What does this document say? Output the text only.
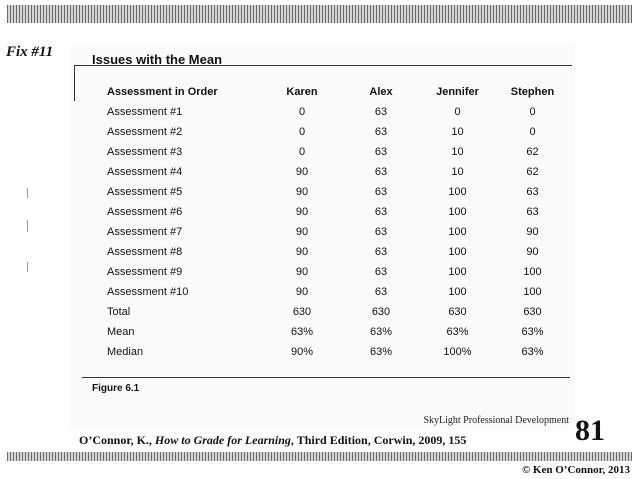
Fix #11	Issues with the Mean
Assessment in Order	Karen	Alex	Jennifer	Stephen
Assessment #1	0	63	0	0
Assessment #2	0	63	10	0
Assessment #3	0	63	10	62
Assessment #4	90	63	10	62
Assessment #5	90	63	100	63
Assessment #6	90	63	100	63
Assessment #7	90	63	100	90
Assessment #8	90	63	100	90
Assessment #9	90	63	100	100
Assessment #10	90	63	100	100
Total	630	630	630	630
Mean	63%	63%	63%	63%
Median	90%	63%	100%	63%
Figure 6.1
SkyLight Professional Development
O’Connor, K., How to Grade for Learning, Third Edition, Corwin, 2009, 155	81
© Ken O’Connor, 2013
